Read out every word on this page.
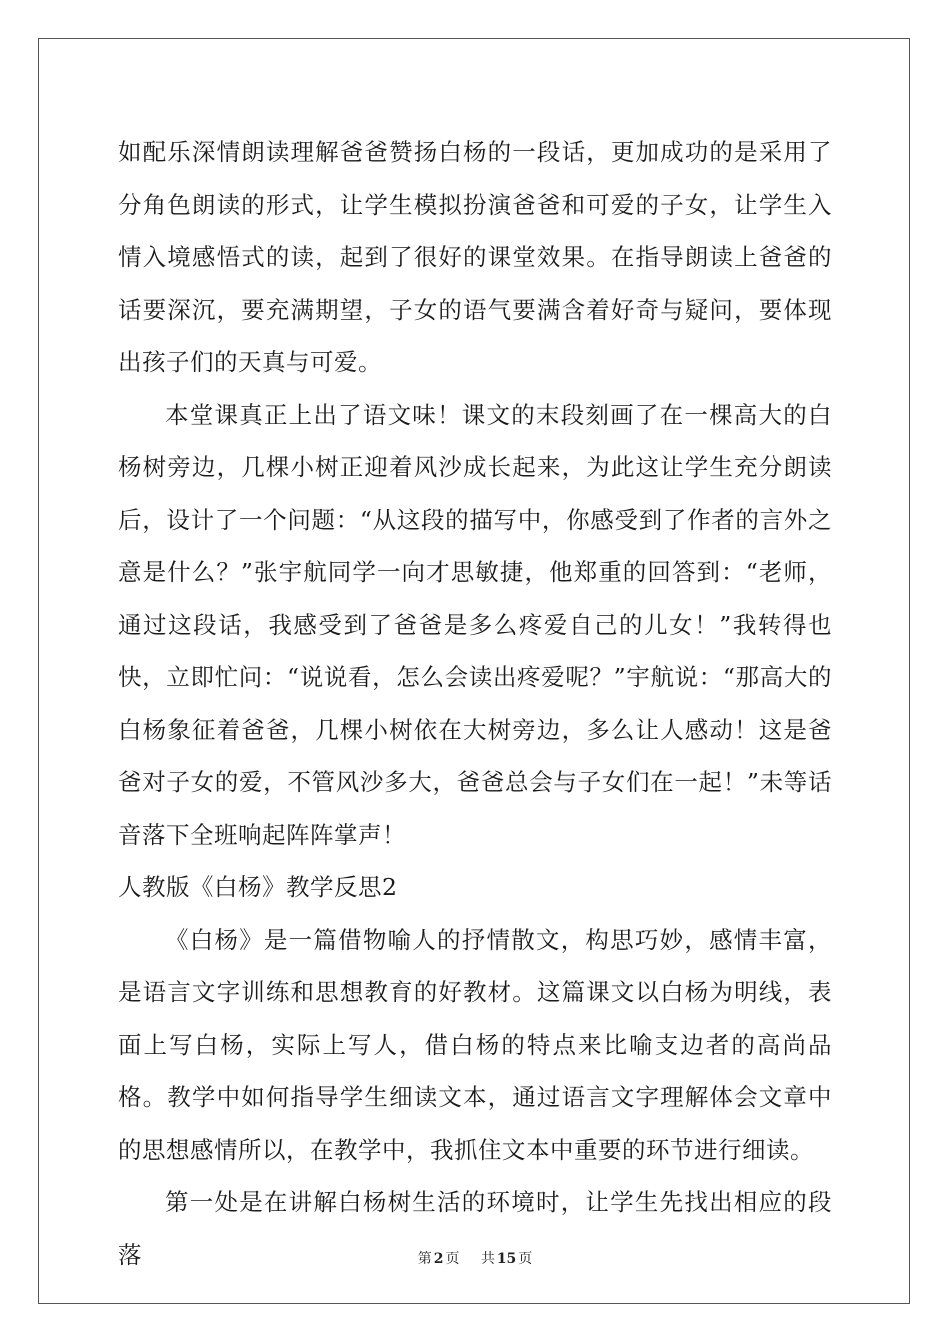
如配乐深情朗读理解爸爸赞扬白杨的一段话，更加成功的是采用了分角色朗读的形式，让学生模拟扮演爸爸和可爱的子女，让学生入情入境感悟式的读，起到了很好的课堂效果。在指导朗读上爸爸的话要深沉，要充满期望，子女的语气要满含着好奇与疑问，要体现出孩子们的天真与可爱。

本堂课真正上出了语文味！课文的末段刻画了在一棵高大的白杨树旁边，几棵小树正迎着风沙成长起来，为此这让学生充分朗读后，设计了一个问题：“从这段的描写中，你感受到了作者的言外之意是什么？”张宇航同学一向才思敏捷，他郑重的回答到：“老师，通过这段话，我感受到了爸爸是多么疼爱自己的儿女！”我转得也快，立即忙问：“说说看，怎么会读出疼爱呢？”宇航说：“那高大的白杨象征着爸爸，几棵小树依在大树旁边，多么让人感动！这是爸爸对子女的爱，不管风沙多大，爸爸总会与子女们在一起！”未等话音落下全班响起阵阵掌声！

人教版《白杨》教学反思2

《白杨》是一篇借物喻人的抒情散文，构思巧妙，感情丰富，是语言文字训练和思想教育的好教材。这篇课文以白杨为明线，表面上写白杨，实际上写人，借白杨的特点来比喻支边者的高尚品格。教学中如何指导学生细读文本，通过语言文字理解体会文章中的思想感情所以，在教学中，我抓住文本中重要的环节进行细读。

第一处是在讲解白杨树生活的环境时，让学生先找出相应的段落	第 2 页 共 15 页
